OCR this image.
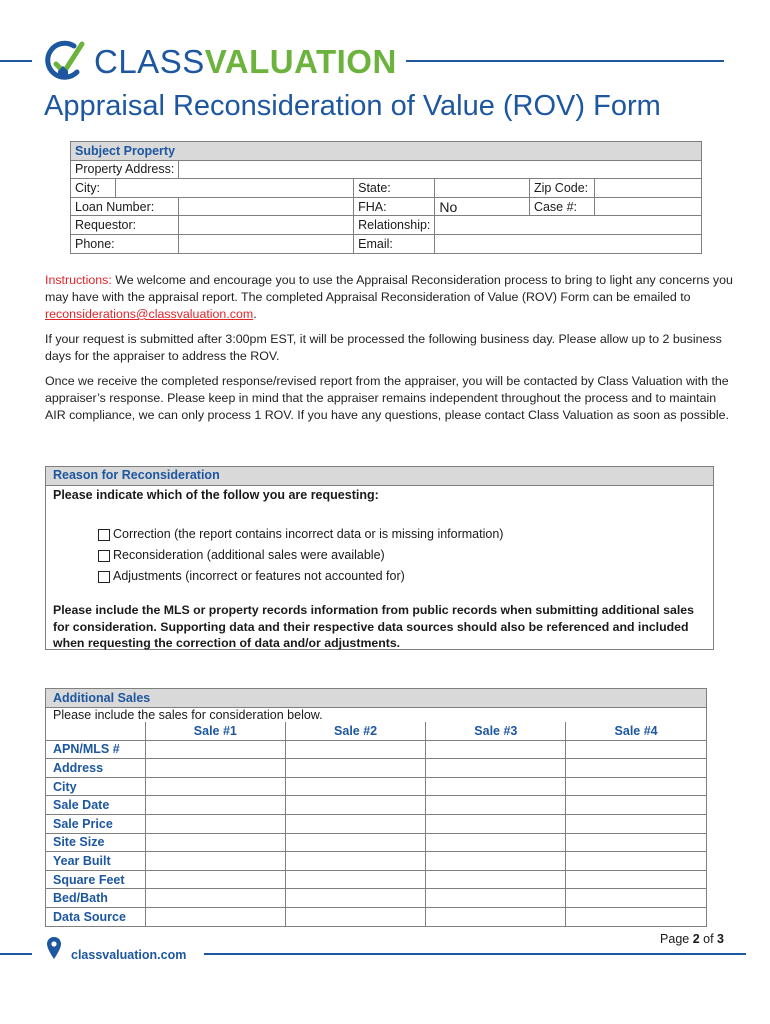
CLASSVALUATION
Appraisal Reconsideration of Value (ROV) Form
Subject Property						
Property Address:						
City:			State:		Zip Code:	
Loan Number:			FHA:	No	Case #:	
Requestor:			Relationship:			
Phone:			Email:			

Instructions: We welcome and encourage you to use the Appraisal Reconsideration process to bring to light any concerns you may have with the appraisal report. The completed Appraisal Reconsideration of Value (ROV) Form can be emailed to reconsiderations@classvaluation.com.

If your request is submitted after 3:00pm EST, it will be processed the following business day. Please allow up to 2 business days for the appraiser to address the ROV.

Once we receive the completed response/revised report from the appraiser, you will be contacted by Class Valuation with the appraiser’s response. Please keep in mind that the appraiser remains independent throughout the process and to maintain AIR compliance, we can only process 1 ROV. If you have any questions, please contact Class Valuation as soon as possible.

Reason for Reconsideration
Please indicate which of the follow you are requesting:
Correction (the report contains incorrect data or is missing information)
Reconsideration (additional sales were available)
Adjustments (incorrect or features not accounted for)
Please include the MLS or property records information from public records when submitting additional sales for consideration. Supporting data and their respective data sources should also be referenced and included when requesting the correction of data and/or adjustments.
Additional Sales				
Please include the sales for consideration below.				
	Sale #1	Sale #2	Sale #3	Sale #4
APN/MLS #				
Address				
City				
Sale Date				
Sale Price				
Site Size				
Year Built				
Square Feet				
Bed/Bath				
Data Source				
Page 2 of 3
classvaluation.com
